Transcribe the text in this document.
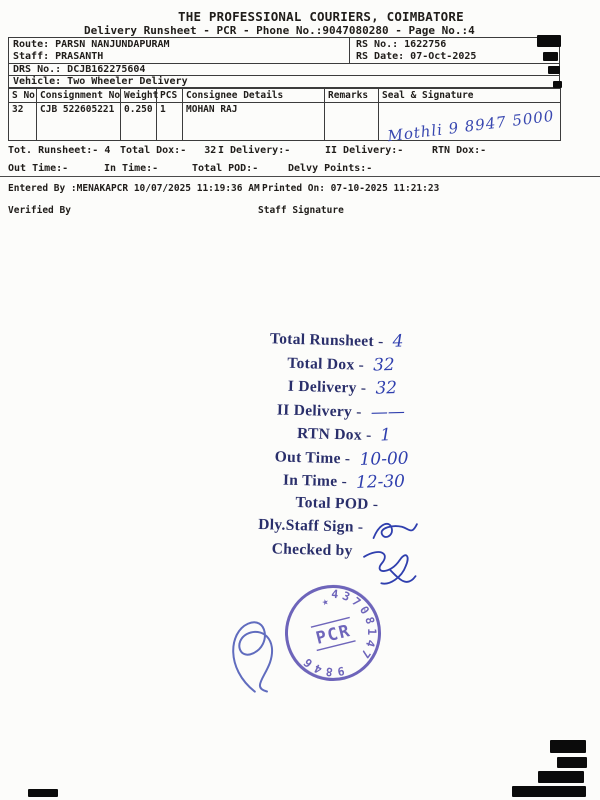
THE PROFESSIONAL COURIERS, COIMBATORE
Delivery Runsheet - PCR - Phone No.:9047080280 - Page No.:4
Route: PARSN NANJUNDAPURAM
Staff: PRASANTH
RS No.: 1622756
RS Date: 07-Oct-2025
DRS No.: DCJB162275604
Vehicle: Two Wheeler Delivery
S No	Consignment No	Weight	PCS	Consignee Details	Remarks	Seal & Signature
32	CJB 522605221	0.250	1	MOHAN RAJ		Mothli 9 8947 5000

Tot. Runsheet:- 4 Total Dox:-   32 I Delivery:-	II Delivery:-	RTN Dox:-
Out Time:-	In Time:-	Total POD:-	Delvy Points:-
Entered By :MENAKAPCR 10/07/2025 11:19:36 AM Printed On: 07-10-2025 11:21:23
Verified By	Staff Signature
Total Runsheet - 4
Total Dox - 32
I Delivery - 32
II Delivery - ——
RTN Dox - 1
Out Time - 10-00
In Time - 12-30
Total POD -
Dly.Staff Sign -
Checked by
★ 43708147
9846
PCR
